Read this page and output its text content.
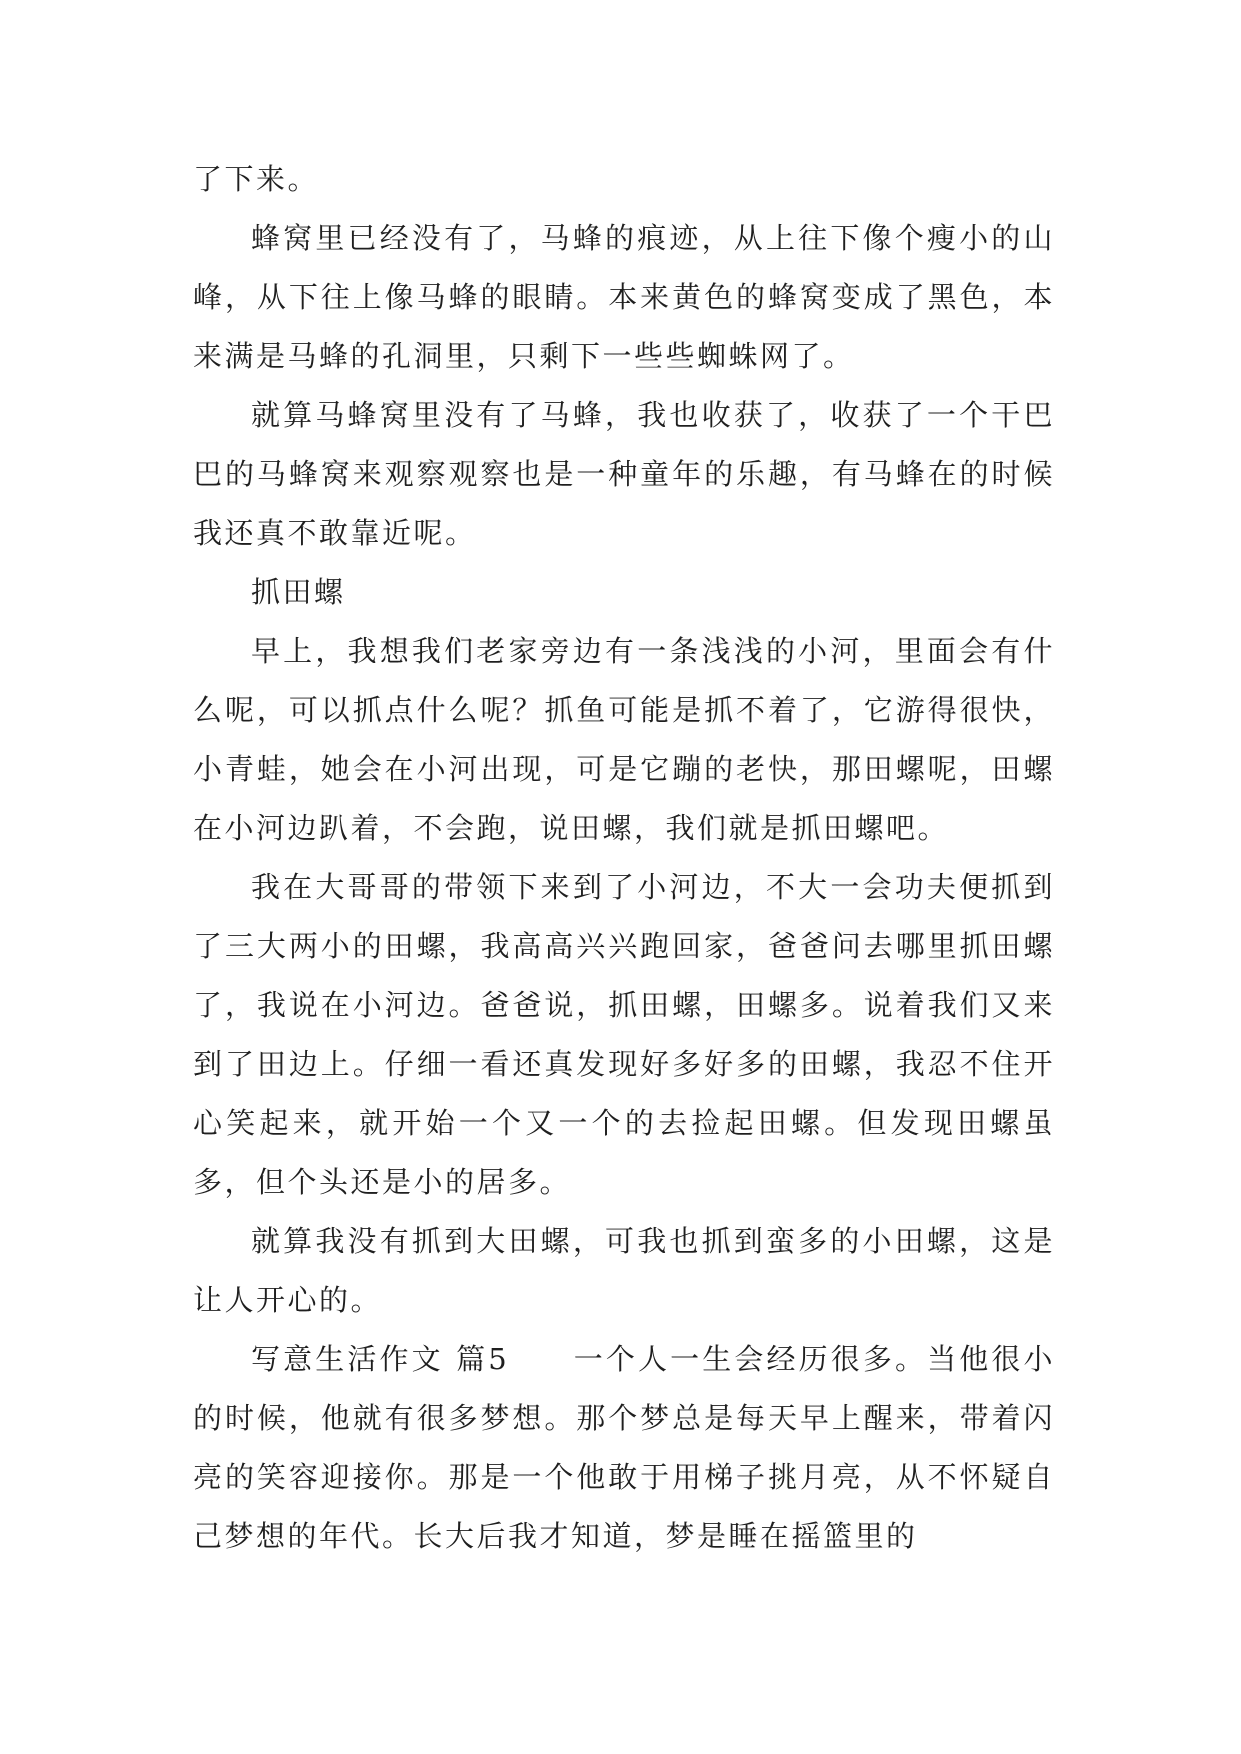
了下来。

蜂窝里已经没有了，马蜂的痕迹，从上往下像个瘦小的山峰，从下往上像马蜂的眼睛。本来黄色的蜂窝变成了黑色，本来满是马蜂的孔洞里，只剩下一些些蜘蛛网了。

就算马蜂窝里没有了马蜂，我也收获了，收获了一个干巴巴的马蜂窝来观察观察也是一种童年的乐趣，有马蜂在的时候我还真不敢靠近呢。

抓田螺

早上，我想我们老家旁边有一条浅浅的小河，里面会有什么呢，可以抓点什么呢？抓鱼可能是抓不着了，它游得很快，小青蛙，她会在小河出现，可是它蹦的老快，那田螺呢，田螺在小河边趴着，不会跑，说田螺，我们就是抓田螺吧。

我在大哥哥的带领下来到了小河边，不大一会功夫便抓到了三大两小的田螺，我高高兴兴跑回家，爸爸问去哪里抓田螺了，我说在小河边。爸爸说，抓田螺，田螺多。说着我们又来到了田边上。仔细一看还真发现好多好多的田螺，我忍不住开心笑起来，就开始一个又一个的去捡起田螺。但发现田螺虽多，但个头还是小的居多。

就算我没有抓到大田螺，可我也抓到蛮多的小田螺，这是让人开心的。

写意生活作文 篇5 一个人一生会经历很多。当他很小的时候，他就有很多梦想。那个梦总是每天早上醒来，带着闪亮的笑容迎接你。那是一个他敢于用梯子挑月亮，从不怀疑自己梦想的年代。长大后我才知道，梦是睡在摇篮里的
